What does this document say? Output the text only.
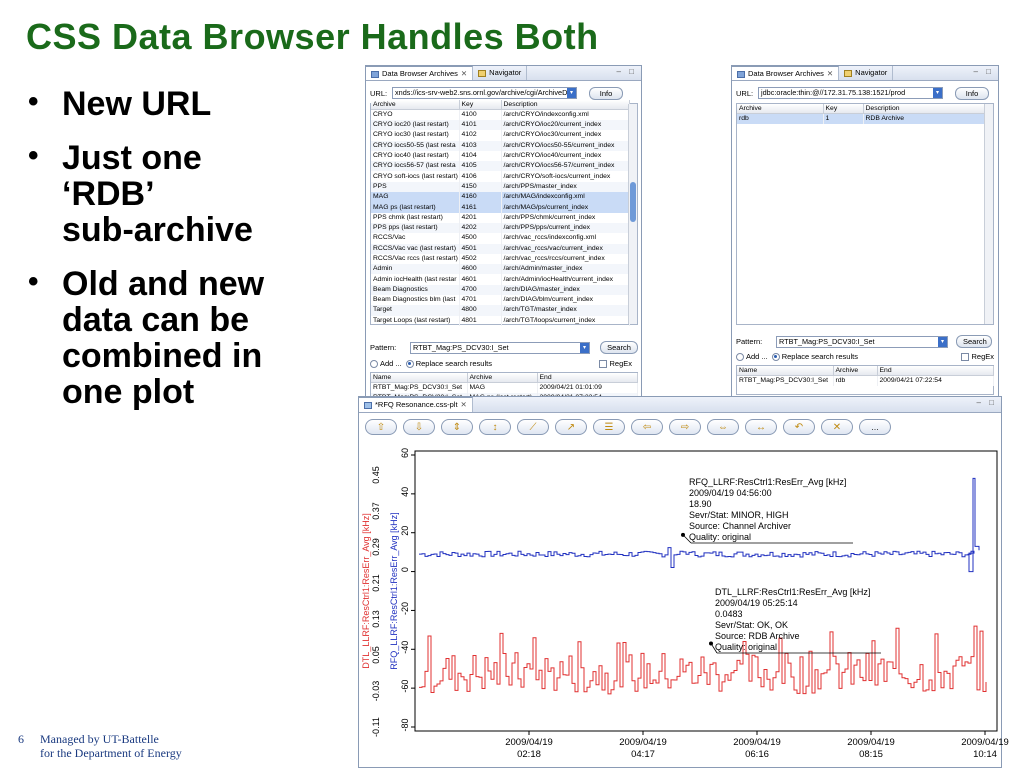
CSS Data Browser Handles Both
• New URL
• Just one
‘RDB’
sub-archive
• Old and new
data can be
combined in
one plot
6 Managed by UT-Battelle
for the Department of Energy
Data Browser Archives ✕	Navigator	– □
URL:	xnds://ics-srv-web2.sns.ornl.gov/archive/cgi/ArchiveD ▾	Info
Archive	Key	Description
CRYO	4100	/arch/CRYO/indexconfig.xml
CRYO ioc20 (last restart)	4101	/arch/CRYO/ioc20/current_index
CRYO ioc30 (last restart)	4102	/arch/CRYO/ioc30/current_index
CRYO iocs50-55 (last resta	4103	/arch/CRYO/iocs50-55/current_index
CRYO ioc40 (last restart)	4104	/arch/CRYO/ioc40/current_index
CRYO iocs56-57 (last resta	4105	/arch/CRYO/iocs56-57/current_index
CRYO soft-iocs (last restart)	4106	/arch/CRYO/soft-iocs/current_index
PPS	4150	/arch/PPS/master_index
MAG	4160	/arch/MAG/indexconfig.xml
MAG ps (last restart)	4161	/arch/MAG/ps/current_index
PPS chmk (last restart)	4201	/arch/PPS/chmk/current_index
PPS pps (last restart)	4202	/arch/PPS/pps/current_index
RCCS/Vac	4500	/arch/vac_rccs/indexconfig.xml
RCCS/Vac vac (last restart)	4501	/arch/vac_rccs/vac/current_index
RCCS/Vac rccs (last restart)	4502	/arch/vac_rccs/rccs/current_index
Admin	4600	/arch/Admin/master_index
Admin iocHealth (last restar	4601	/arch/Admin/iocHealth/current_index
Beam Diagnostics	4700	/arch/DIAG/master_index
Beam Diagnostics blm (last	4701	/arch/DIAG/blm/current_index
Target	4800	/arch/TGT/master_index
Target Loops (last restart)	4801	/arch/TGT/loops/current_index
Pattern:	RTBT_Mag:PS_DCV30:I_Set	▾	Search
Add ... Replace search results	RegEx
Name	Archive	End
RTBT_Mag:PS_DCV30:I_Set	MAG	2009/04/21 01:01:09

Data Browser Archives ✕	Navigator	– □
URL:	jdbc:oracle:thin:@//172.31.75.138:1521/prod	▾	Info
Archive	Key	Description
rdb	1	RDB Archive
Pattern:	RTBT_Mag:PS_DCV30:I_Set	▾	Search
Add ... Replace search results	RegEx
Name	Archive	End
RTBT_Mag:PS_DCV30:I_Set	rdb	2009/04/21 07:22:54
*RFQ Resonance.css-plt ✕	– □
⇧	⇩	⇕	↕	⟋	↗	☰	⇦	⇨	⇔	↔	↶	✕	...
-80
-60
-40
-20
0
20
40
60
-0.11
-0.03
0.05
0.13
0.21
0.29
0.37
0.45
DTL_LLRF:ResCtrl1:ResErr_Avg [kHz] RFQ_LLRF:ResCtrl1:ResErr_Avg [kHz]
2009/04/19 02:18
2009/04/19 04:17
2009/04/19 06:16
2009/04/19 08:15
2009/04/19 10:14
RFQ_LLRF:ResCtrl1:ResErr_Avg [kHz]
2009/04/19 04:56:00
18.90
Sevr/Stat: MINOR, HIGH
Source: Channel Archiver
Quality: original
DTL_LLRF:ResCtrl1:ResErr_Avg [kHz]
2009/04/19 05:25:14
0.0483
Sevr/Stat: OK, OK
Source: RDB Archive
Quality: original
